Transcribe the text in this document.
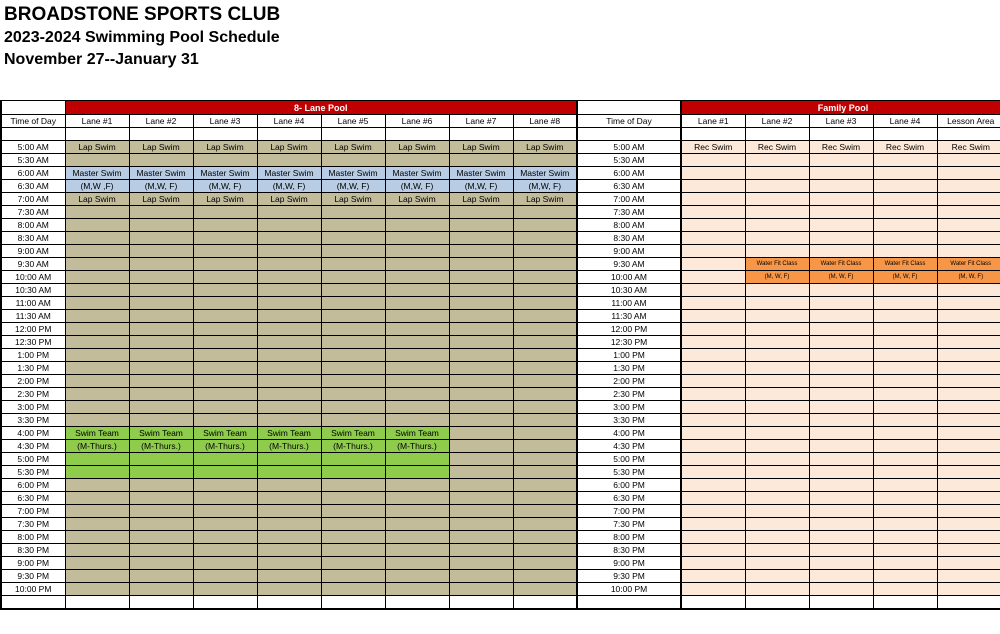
BROADSTONE SPORTS CLUB
2023-2024 Swimming Pool Schedule
November 27--January 31
	8- Lane Pool									Family Pool				
Time of Day	Lane #1	Lane #2	Lane #3	Lane #4	Lane #5	Lane #6	Lane #7	Lane #8	Time of Day	Lane #1	Lane #2	Lane #3	Lane #4	Lesson Area

5:00 AM	Lap Swim	Lap Swim	Lap Swim	Lap Swim	Lap Swim	Lap Swim	Lap Swim	Lap Swim	5:00 AM	Rec Swim	Rec Swim	Rec Swim	Rec Swim	Rec Swim
5:30 AM									5:30 AM					
6:00 AM	Master Swim	Master Swim	Master Swim	Master Swim	Master Swim	Master Swim	Master Swim	Master Swim	6:00 AM					
6:30 AM	(M,W ,F)	(M,W, F)	(M,W, F)	(M,W, F)	(M,W, F)	(M,W, F)	(M,W, F)	(M,W, F)	6:30 AM					
7:00 AM	Lap Swim	Lap Swim	Lap Swim	Lap Swim	Lap Swim	Lap Swim	Lap Swim	Lap Swim	7:00 AM					
7:30 AM									7:30 AM					
8:00 AM									8:00 AM					
8:30 AM									8:30 AM					
9:00 AM									9:00 AM					
9:30 AM									9:30 AM		Water Fit Class	Water Fit Class	Water Fit Class	Water Fit Class
10:00 AM									10:00 AM		(M, W, F)	(M, W, F)	(M, W, F)	(M, W, F)
10:30 AM									10:30 AM					
11:00 AM									11:00 AM					
11:30 AM									11:30 AM					
12:00 PM									12:00 PM					
12:30 PM									12:30 PM					
1:00 PM									1:00 PM					
1:30 PM									1:30 PM					
2:00 PM									2:00 PM					
2:30 PM									2:30 PM					
3:00 PM									3:00 PM					
3:30 PM									3:30 PM					
4:00 PM	Swim Team	Swim Team	Swim Team	Swim Team	Swim Team	Swim Team			4:00 PM					
4:30 PM	(M-Thurs.)	(M-Thurs.)	(M-Thurs.)	(M-Thurs.)	(M-Thurs.)	(M-Thurs.)			4:30 PM					
5:00 PM									5:00 PM					
5:30 PM									5:30 PM					
6:00 PM									6:00 PM					
6:30 PM									6:30 PM					
7:00 PM									7:00 PM					
7:30 PM									7:30 PM					
8:00 PM									8:00 PM					
8:30 PM									8:30 PM					
9:00 PM									9:00 PM					
9:30 PM									9:30 PM					
10:00 PM									10:00 PM					
